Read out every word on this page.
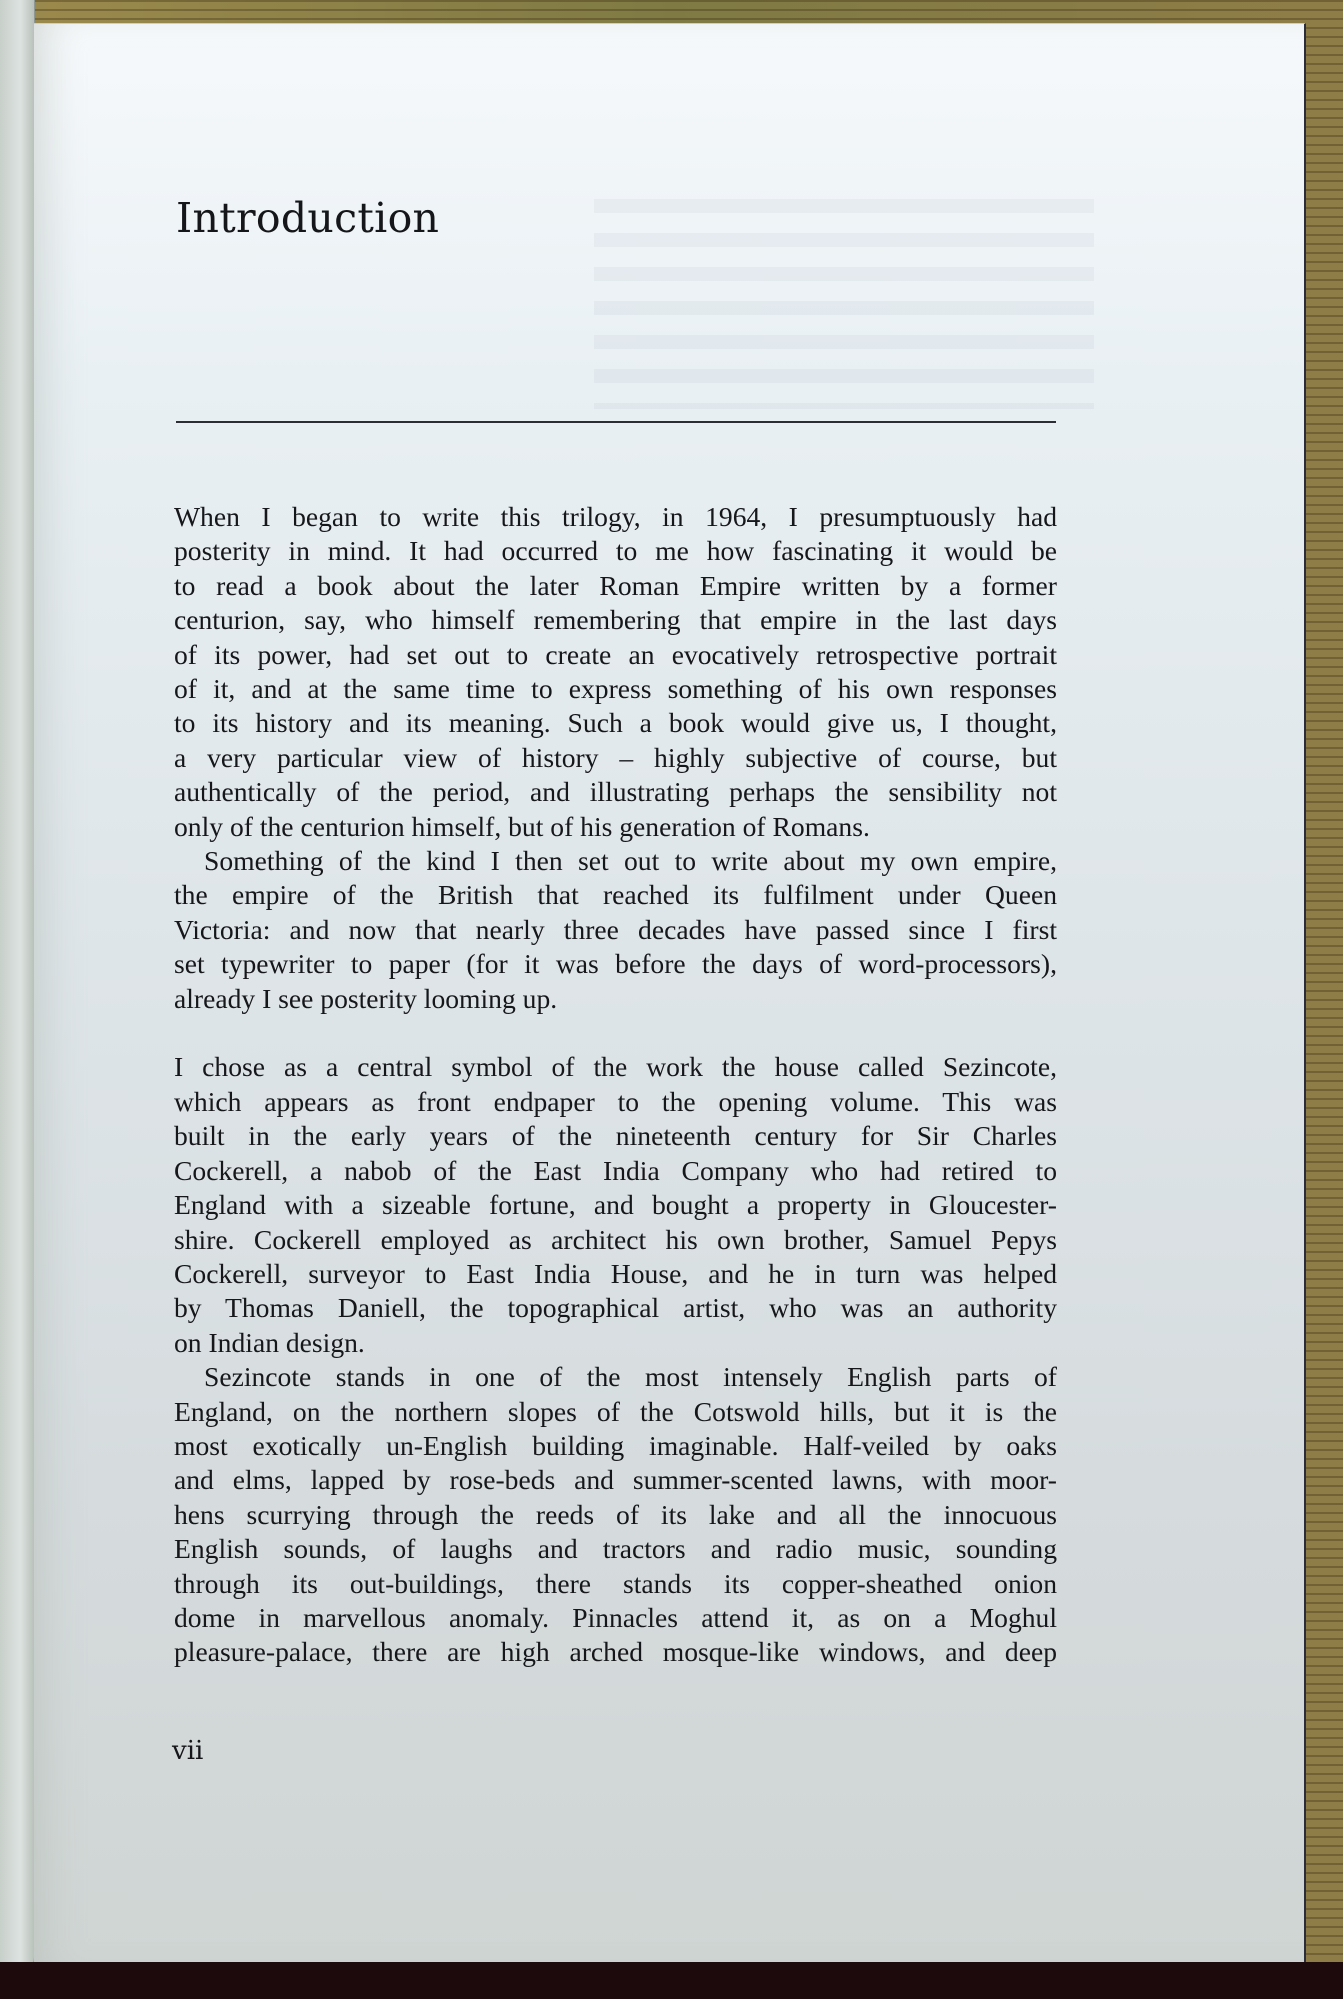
Introduction
When I began to write this trilogy, in 1964, I presumptuously had
posterity in mind. It had occurred to me how fascinating it would be
to read a book about the later Roman Empire written by a former
centurion, say, who himself remembering that empire in the last days
of its power, had set out to create an evocatively retrospective portrait
of it, and at the same time to express something of his own responses
to its history and its meaning. Such a book would give us, I thought,
a very particular view of history – highly subjective of course, but
authentically of the period, and illustrating perhaps the sensibility not
only of the centurion himself, but of his generation of Romans.
Something of the kind I then set out to write about my own empire,
the empire of the British that reached its fulfilment under Queen
Victoria: and now that nearly three decades have passed since I first
set typewriter to paper (for it was before the days of word-processors),
already I see posterity looming up.
I chose as a central symbol of the work the house called Sezincote,
which appears as front endpaper to the opening volume. This was
built in the early years of the nineteenth century for Sir Charles
Cockerell, a nabob of the East India Company who had retired to
England with a sizeable fortune, and bought a property in Gloucester-
shire. Cockerell employed as architect his own brother, Samuel Pepys
Cockerell, surveyor to East India House, and he in turn was helped
by Thomas Daniell, the topographical artist, who was an authority
on Indian design.
Sezincote stands in one of the most intensely English parts of
England, on the northern slopes of the Cotswold hills, but it is the
most exotically un-English building imaginable. Half-veiled by oaks
and elms, lapped by rose-beds and summer-scented lawns, with moor-
hens scurrying through the reeds of its lake and all the innocuous
English sounds, of laughs and tractors and radio music, sounding
through its out-buildings, there stands its copper-sheathed onion
dome in marvellous anomaly. Pinnacles attend it, as on a Moghul
pleasure-palace, there are high arched mosque-like windows, and deep
vii
